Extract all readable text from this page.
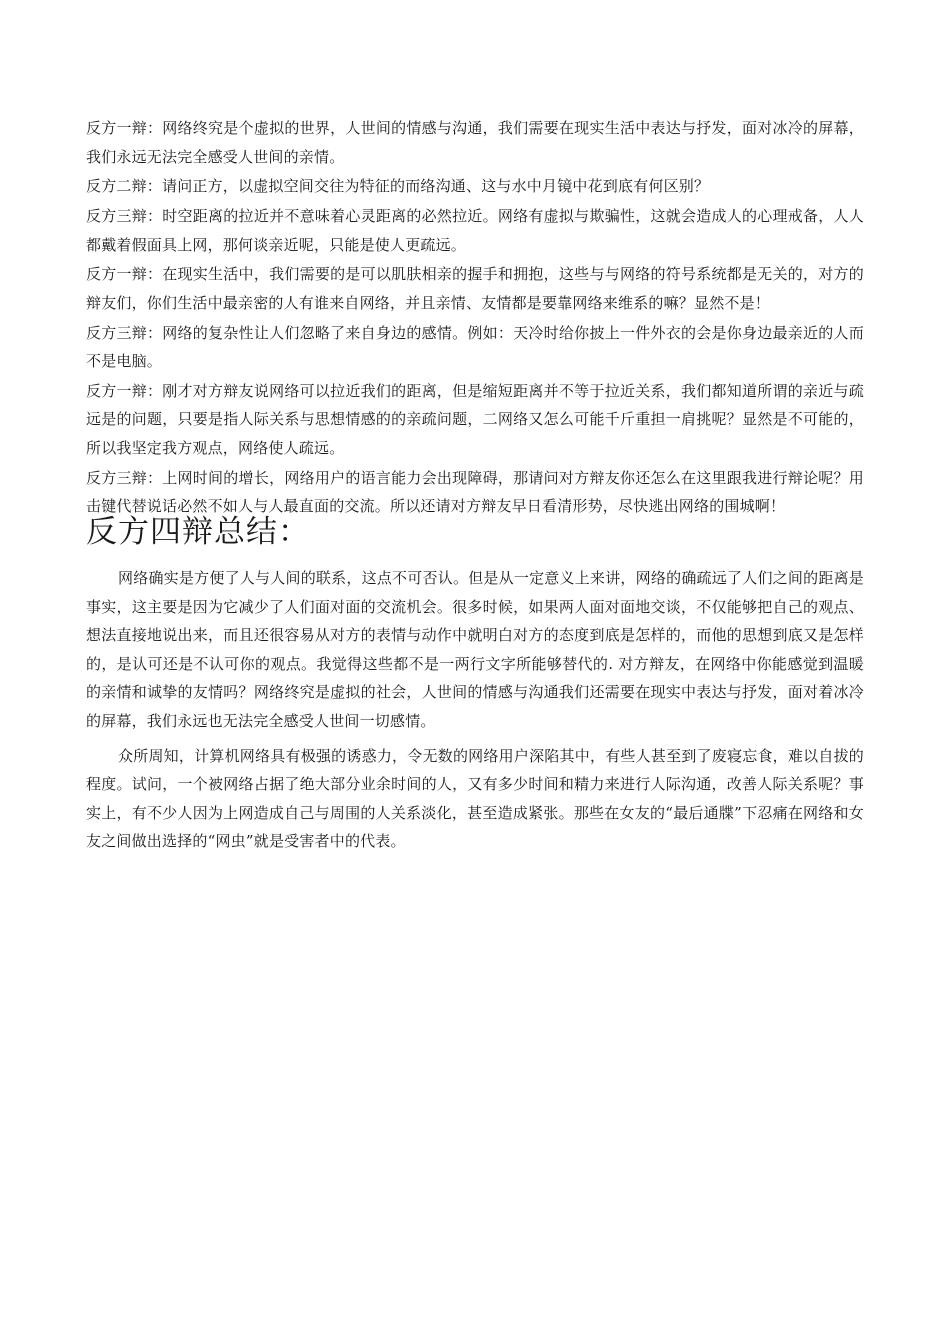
反方一辩：网络终究是个虚拟的世界，人世间的情感与沟通，我们需要在现实生活中表达与抒发，面对冰冷的屏幕，我们永远无法完全感受人世间的亲情。

反方二辩：请问正方，以虚拟空间交往为特征的而络沟通、这与水中月镜中花到底有何区别？

反方三辩：时空距离的拉近并不意味着心灵距离的必然拉近。网络有虚拟与欺骗性，这就会造成人的心理戒备，人人都戴着假面具上网，那何谈亲近呢，只能是使人更疏远。

反方一辩：在现实生活中，我们需要的是可以肌肤相亲的握手和拥抱，这些与与网络的符号系统都是无关的，对方的辩友们，你们生活中最亲密的人有谁来自网络，并且亲情、友情都是要靠网络来维系的嘛？显然不是！

反方三辩：网络的复杂性让人们忽略了来自身边的感情。例如：天冷时给你披上一件外衣的会是你身边最亲近的人而不是电脑。

反方一辩：刚才对方辩友说网络可以拉近我们的距离，但是缩短距离并不等于拉近关系，我们都知道所谓的亲近与疏远是的问题，只要是指人际关系与思想情感的的亲疏问题，二网络又怎么可能千斤重担一肩挑呢？显然是不可能的，所以我坚定我方观点，网络使人疏远。

反方三辩：上网时间的增长，网络用户的语言能力会出现障碍，那请问对方辩友你还怎么在这里跟我进行辩论呢？用击键代替说话必然不如人与人最直面的交流。所以还请对方辩友早日看清形势，尽快逃出网络的围城啊！

反方四辩总结：

网络确实是方便了人与人间的联系，这点不可否认。但是从一定意义上来讲，网络的确疏远了人们之间的距离是事实，这主要是因为它减少了人们面对面的交流机会。很多时候，如果两人面对面地交谈，不仅能够把自己的观点、想法直接地说出来，而且还很容易从对方的表情与动作中就明白对方的态度到底是怎样的，而他的思想到底又是怎样的，是认可还是不认可你的观点。我觉得这些都不是一两行文字所能够替代的. 对方辩友，在网络中你能感觉到温暖的亲情和诚挚的友情吗？网络终究是虚拟的社会，人世间的情感与沟通我们还需要在现实中表达与抒发，面对着冰冷的屏幕，我们永远也无法完全感受人世间一切感情。

众所周知，计算机网络具有极强的诱惑力，令无数的网络用户深陷其中，有些人甚至到了废寝忘食，难以自拔的程度。试问，一个被网络占据了绝大部分业余时间的人，又有多少时间和精力来进行人际沟通，改善人际关系呢？事实上，有不少人因为上网造成自己与周围的人关系淡化，甚至造成紧张。那些在女友的“最后通牒”下忍痛在网络和女友之间做出选择的“网虫”就是受害者中的代表。
